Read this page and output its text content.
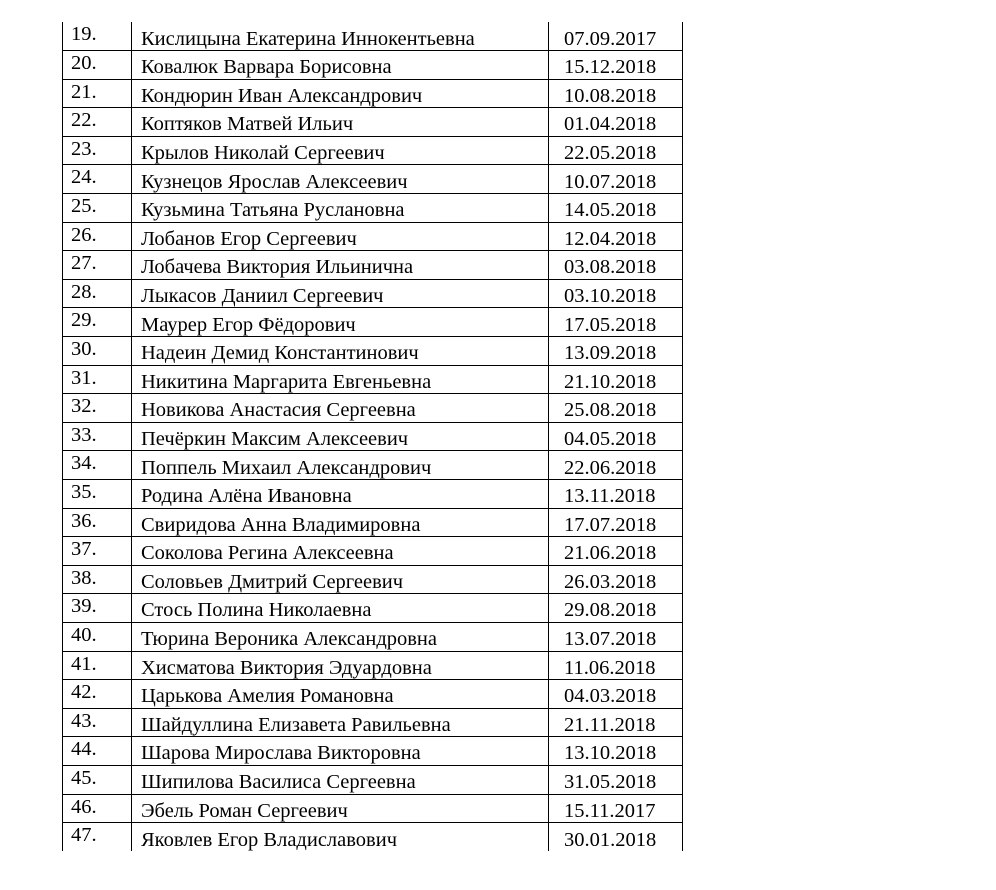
19.	Кислицына Екатерина Иннокентьевна	07.09.2017
20.	Ковалюк Варвара Борисовна	15.12.2018
21.	Кондюрин Иван Александрович	10.08.2018
22.	Коптяков Матвей Ильич	01.04.2018
23.	Крылов Николай Сергеевич	22.05.2018
24.	Кузнецов Ярослав Алексеевич	10.07.2018
25.	Кузьмина Татьяна Руслановна	14.05.2018
26.	Лобанов Егор Сергеевич	12.04.2018
27.	Лобачева Виктория Ильинична	03.08.2018
28.	Лыкасов Даниил Сергеевич	03.10.2018
29.	Маурер Егор Фёдорович	17.05.2018
30.	Надеин Демид Константинович	13.09.2018
31.	Никитина Маргарита Евгеньевна	21.10.2018
32.	Новикова Анастасия Сергеевна	25.08.2018
33.	Печёркин Максим Алексеевич	04.05.2018
34.	Поппель Михаил Александрович	22.06.2018
35.	Родина Алёна Ивановна	13.11.2018
36.	Свиридова Анна Владимировна	17.07.2018
37.	Соколова Регина Алексеевна	21.06.2018
38.	Соловьев Дмитрий Сергеевич	26.03.2018
39.	Стось Полина Николаевна	29.08.2018
40.	Тюрина Вероника Александровна	13.07.2018
41.	Хисматова Виктория Эдуардовна	11.06.2018
42.	Царькова Амелия Романовна	04.03.2018
43.	Шайдуллина Елизавета Равильевна	21.11.2018
44.	Шарова Мирослава Викторовна	13.10.2018
45.	Шипилова Василиса Сергеевна	31.05.2018
46.	Эбель Роман Сергеевич	15.11.2017
47.	Яковлев Егор Владиславович	30.01.2018
